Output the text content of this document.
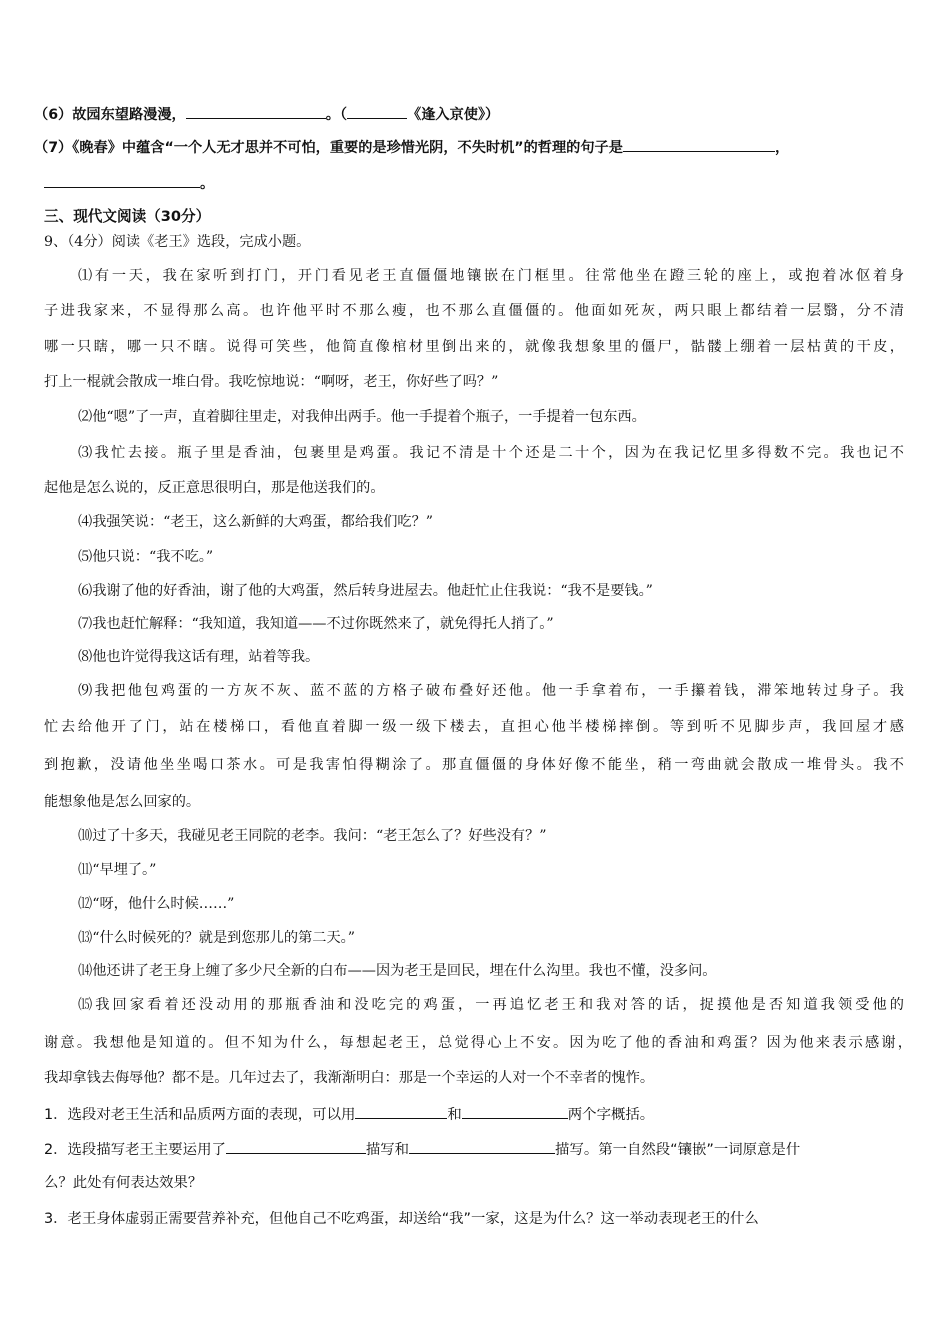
（6）故园东望路漫漫，	。（	《逢入京使》）
（7）《晚春》中蕴含“一个人无才思并不可怕，重要的是珍惜光阴，不失时机”的哲理的句子是	，
。
三、现代文阅读（30分）
9、（4分）阅读《老王》选段，完成小题。
⑴有一天，我在家听到打门，开门看见老王直僵僵地镶嵌在门框里。往常他坐在蹬三轮的座上，或抱着冰伛着身
子进我家来，不显得那么高。也许他平时不那么瘦，也不那么直僵僵的。他面如死灰，两只眼上都结着一层翳，分不清
哪一只瞎，哪一只不瞎。说得可笑些，他简直像棺材里倒出来的，就像我想象里的僵尸，骷髅上绷着一层枯黄的干皮，
打上一棍就会散成一堆白骨。我吃惊地说：“啊呀，老王，你好些了吗？”
⑵他“嗯”了一声，直着脚往里走，对我伸出两手。他一手提着个瓶子，一手提着一包东西。
⑶我忙去接。瓶子里是香油，包裹里是鸡蛋。我记不清是十个还是二十个，因为在我记忆里多得数不完。我也记不
起他是怎么说的，反正意思很明白，那是他送我们的。
⑷我强笑说：“老王，这么新鲜的大鸡蛋，都给我们吃？”
⑸他只说：“我不吃。”
⑹我谢了他的好香油，谢了他的大鸡蛋，然后转身进屋去。他赶忙止住我说：“我不是要钱。”
⑺我也赶忙解释：“我知道，我知道——不过你既然来了，就免得托人捎了。”
⑻他也许觉得我这话有理，站着等我。
⑼我把他包鸡蛋的一方灰不灰、蓝不蓝的方格子破布叠好还他。他一手拿着布，一手攥着钱，滞笨地转过身子。我
忙去给他开了门，站在楼梯口，看他直着脚一级一级下楼去，直担心他半楼梯摔倒。等到听不见脚步声，我回屋才感
到抱歉，没请他坐坐喝口茶水。可是我害怕得糊涂了。那直僵僵的身体好像不能坐，稍一弯曲就会散成一堆骨头。我不
能想象他是怎么回家的。
⑽过了十多天，我碰见老王同院的老李。我问：“老王怎么了？好些没有？”
⑾“早埋了。”
⑿“呀，他什么时候……”
⒀“什么时候死的？就是到您那儿的第二天。”
⒁他还讲了老王身上缠了多少尺全新的白布——因为老王是回民，埋在什么沟里。我也不懂，没多问。
⒂我回家看着还没动用的那瓶香油和没吃完的鸡蛋，一再追忆老王和我对答的话，捉摸他是否知道我领受他的
谢意。我想他是知道的。但不知为什么，每想起老王，总觉得心上不安。因为吃了他的香油和鸡蛋？因为他来表示感谢，
我却拿钱去侮辱他？都不是。几年过去了，我渐渐明白：那是一个幸运的人对一个不幸者的愧怍。
1．选段对老王生活和品质两方面的表现，可以用	和	两个字概括。
2．选段描写老王主要运用了	描写和	描写。第一自然段“镶嵌”一词原意是什
么？此处有何表达效果？
3．老王身体虚弱正需要营养补充，但他自己不吃鸡蛋，却送给“我”一家，这是为什么？这一举动表现老王的什么
